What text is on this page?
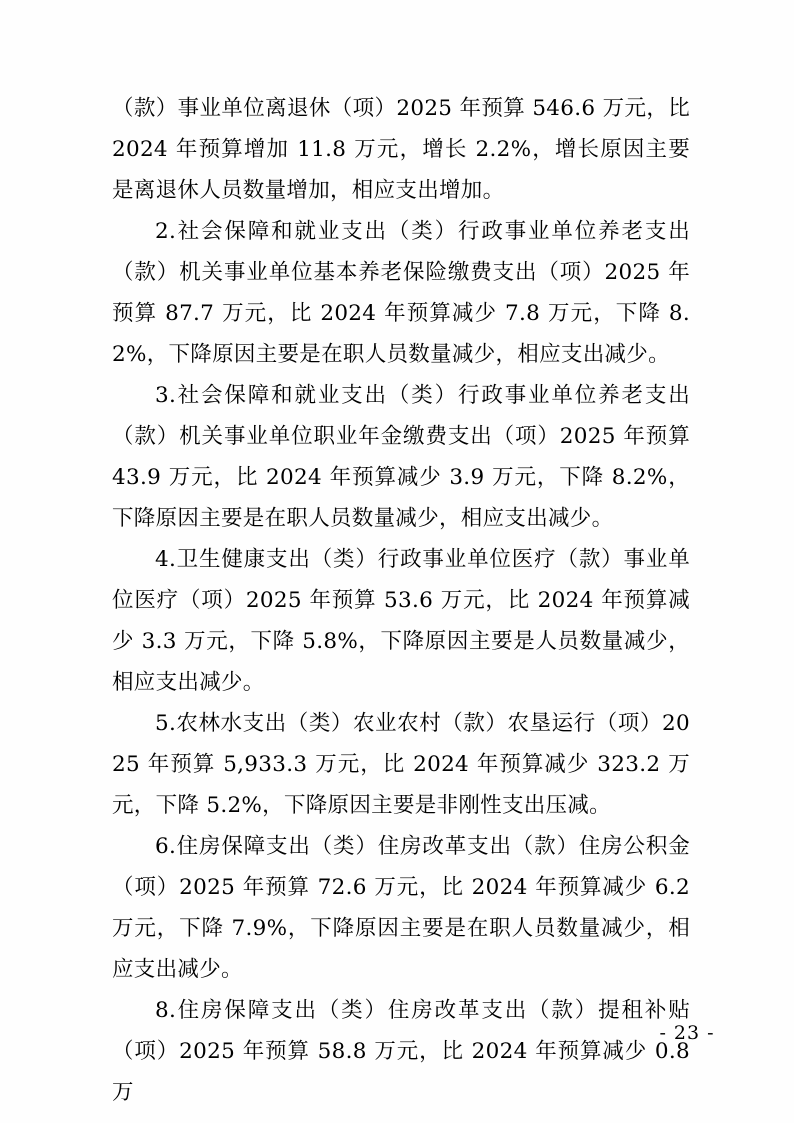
（款）事业单位离退休（项）2025 年预算 546.6 万元，比 2024 年预算增加 11.8 万元，增长 2.2%，增长原因主要是离退休人员数量增加，相应支出增加。

2.社会保障和就业支出（类）行政事业单位养老支出（款）机关事业单位基本养老保险缴费支出（项）2025 年预算 87.7 万元，比 2024 年预算减少 7.8 万元，下降 8.2%，下降原因主要是在职人员数量减少，相应支出减少。

3.社会保障和就业支出（类）行政事业单位养老支出（款）机关事业单位职业年金缴费支出（项）2025 年预算 43.9 万元，比 2024 年预算减少 3.9 万元，下降 8.2%，下降原因主要是在职人员数量减少，相应支出减少。

4.卫生健康支出（类）行政事业单位医疗（款）事业单位医疗（项）2025 年预算 53.6 万元，比 2024 年预算减少 3.3 万元，下降 5.8%，下降原因主要是人员数量减少，相应支出减少。

5.农林水支出（类）农业农村（款）农垦运行（项）2025 年预算 5,933.3 万元，比 2024 年预算减少 323.2 万元，下降 5.2%，下降原因主要是非刚性支出压减。

6.住房保障支出（类）住房改革支出（款）住房公积金（项）2025 年预算 72.6 万元，比 2024 年预算减少 6.2 万元，下降 7.9%，下降原因主要是在职人员数量减少，相应支出减少。

8.住房保障支出（类）住房改革支出（款）提租补贴（项）2025 年预算 58.8 万元，比 2024 年预算减少 0.8 万

- 23 -
